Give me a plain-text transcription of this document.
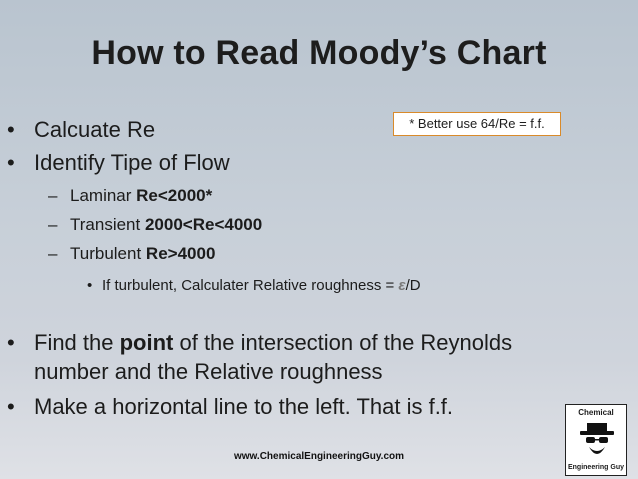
How to Read Moody’s Chart
* Better use 64/Re = f.f.
• Calcuate Re
• Identify Tipe of Flow
– Laminar Re<2000*
– Transient 2000<Re<4000
– Turbulent Re>4000
• If turbulent, Calculater Relative roughness = ε/D
• Find the point of the intersection of the Reynolds
number and the Relative roughness
• Make a horizontal line to the left. That is f.f.	Chemical
Engineering Guy
www.ChemicalEngineeringGuy.com
